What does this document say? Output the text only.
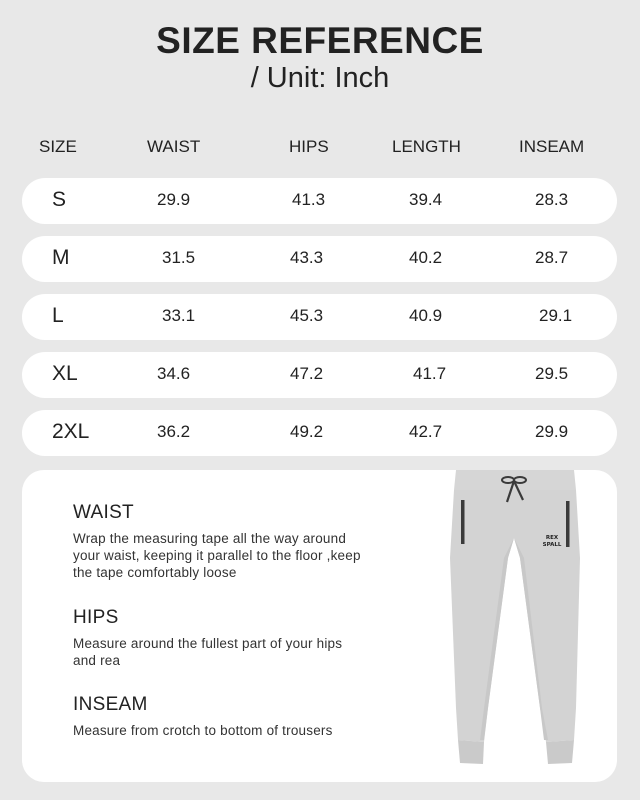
SIZE REFERENCE
/ Unit: Inch
SIZE	WAIST	HIPS	LENGTH	INSEAM
S	29.9	41.3	39.4	28.3
M	31.5	43.3	40.2	28.7
L	33.1	45.3	40.9	29.1
XL	34.6	47.2	41.7	29.5
2XL	36.2	49.2	42.7	29.9
WAIST
Wrap the measuring tape all the way around
your waist, keeping it parallel to the floor ,keep
the tape comfortably loose
HIPS
Measure around the fullest part of your hips
and rea
INSEAM
Measure from crotch to bottom of trousers
REX
SPALL
